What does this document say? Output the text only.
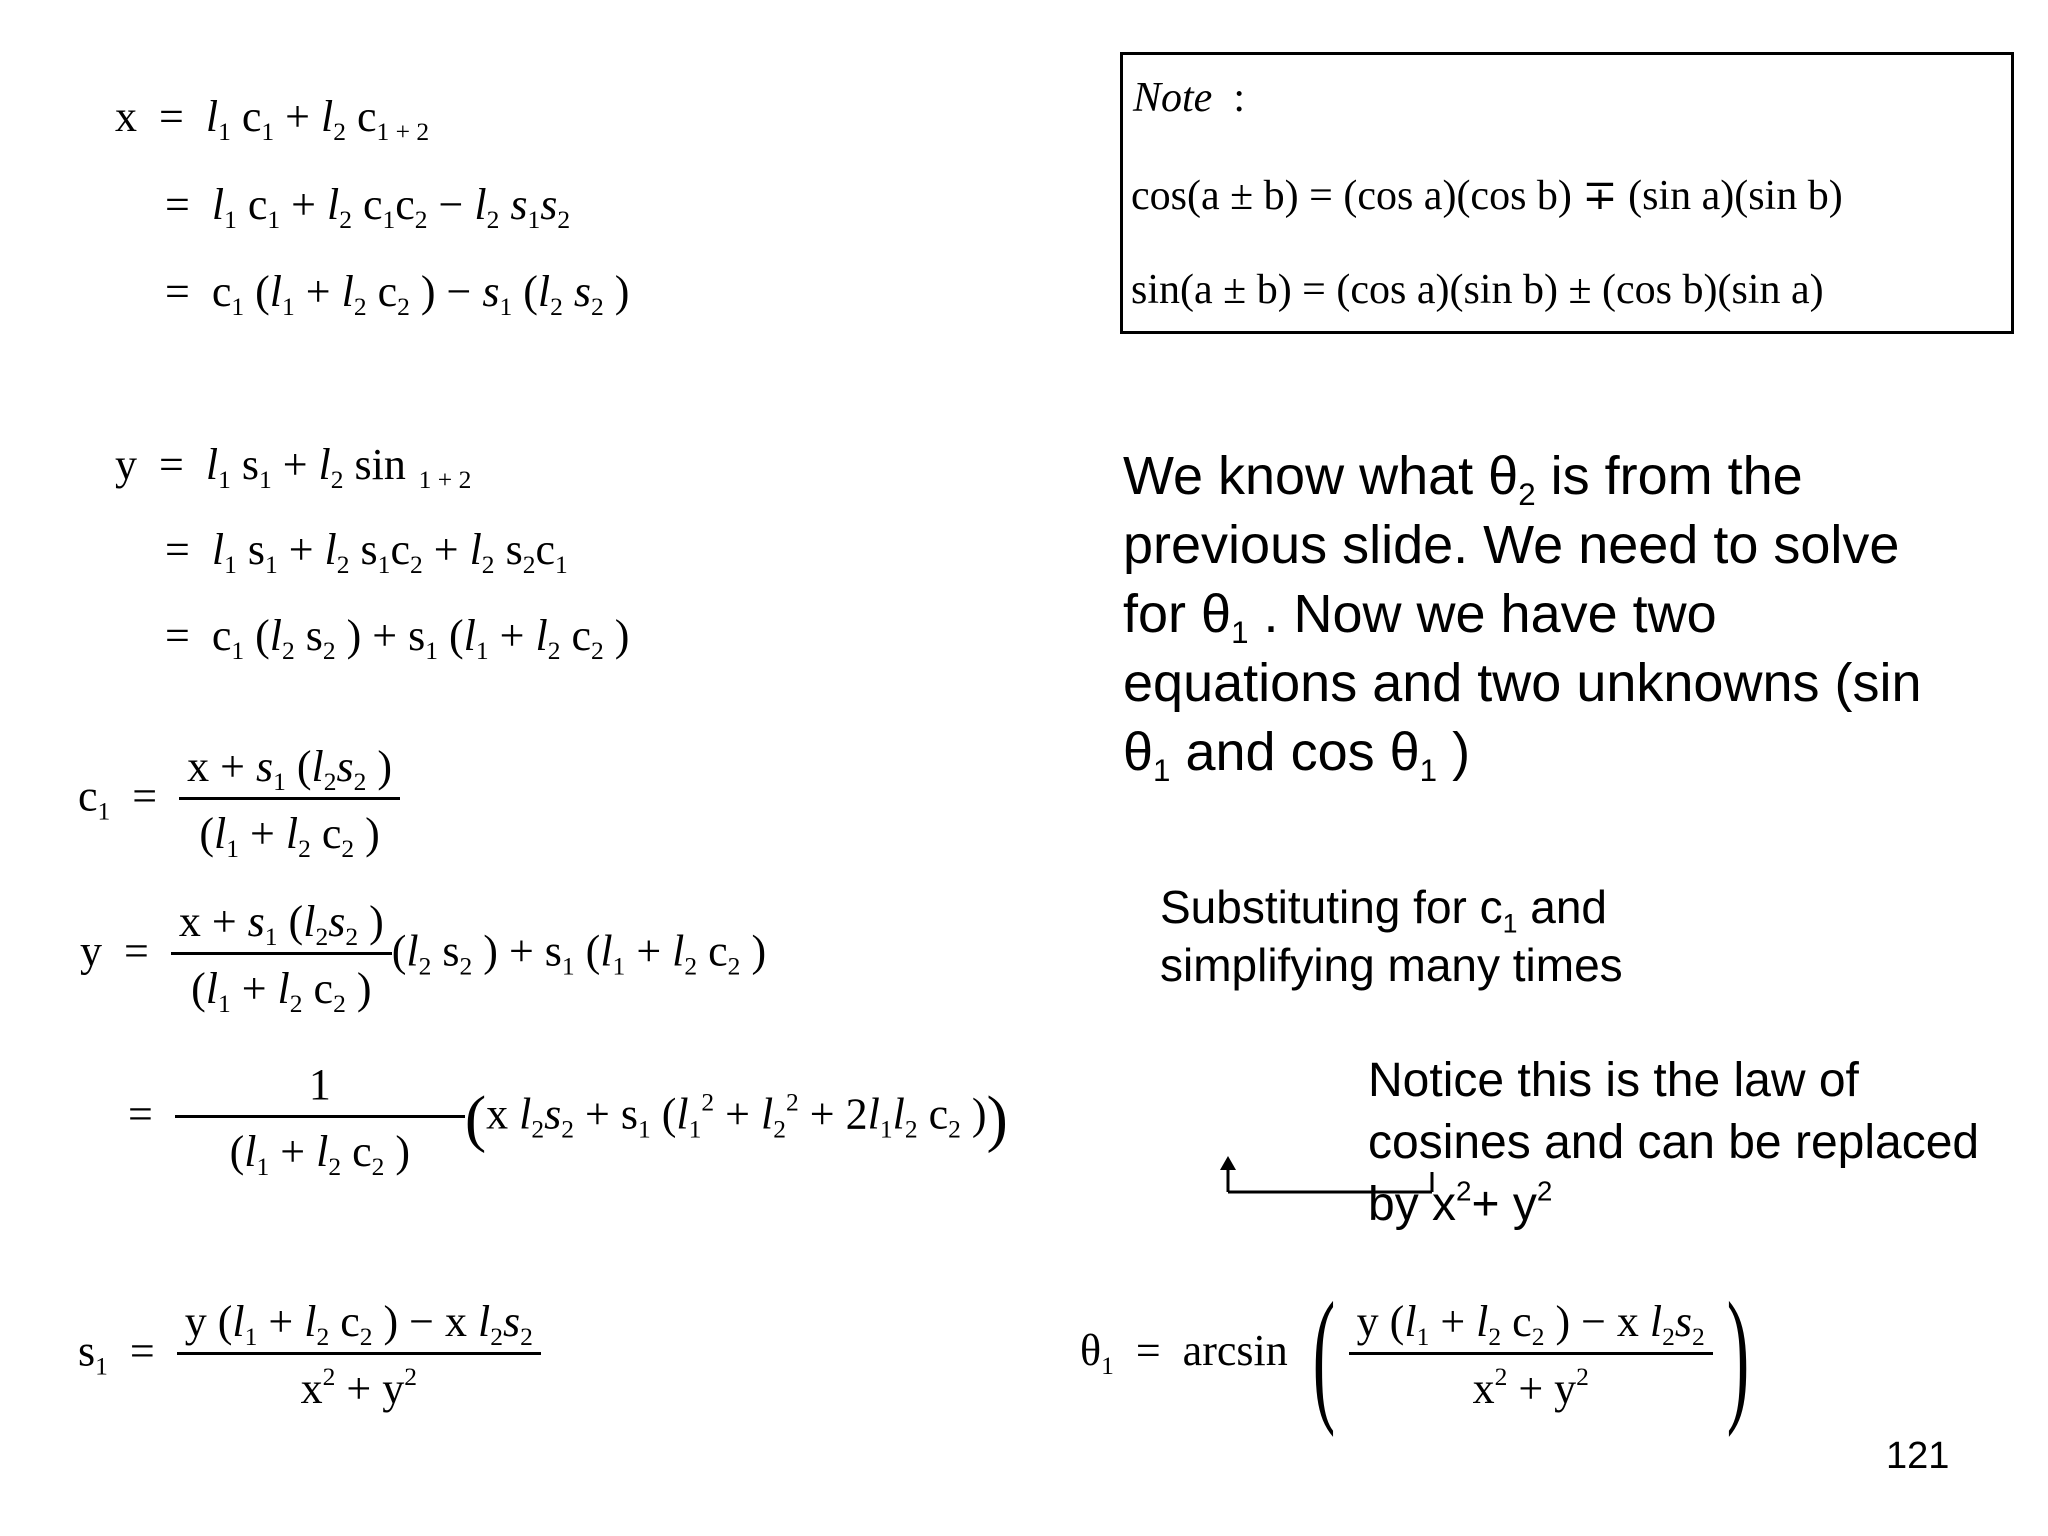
$x = l_1$ $c_1 + l_2$ $c_{1 + 2}$
=  $l_1$ $c_1 + l_2$ $c_1c_2 - l_2$ $s_1s_2$
=  $c_1$ ($l_1 + l_2$ $c_2$ ) − $s_1$ ($l_2$ $s_2$ )
Note :
cos(a ± b) = (cos a)(cos b) ∓ (sin a)(sin b)
sin(a ± b) = (cos a)(sin b) ± (cos b)(sin a)
$y = l_1$ $s_1 + l_2$ sin  $_{1 + 2}$
=  $l_1$ $s_1 + l_2$ $s_1c_2 + l_2$ $s_2c_1$
=  $c_1$ ($l_2$ $s_2$ ) + $s_1$ ($l_1 + l_2$ $c_2$ )
We know what $\theta_2$ is from the
previous slide. We need to solve
for $\theta_1$ . Now we have two
equations and two unknowns (sin
$\theta_1$ and $\cos \theta_1$ )
$c_1 = \frac{x + s_1 (l_2s_2 )}{(l_1 + l_2 c_2 )}$
Substituting for $c_1$ and
simplifying many times
$y = \frac{x + s_1 (l_2s_2 )}{(l_1 + l_2 c_2 )} (l_2$ $s_2$ ) + $s_1$ ($l_1 + l_2$ $c_2$ )
= $\frac{1}{(l_1 + l_2 c_2 )} (x$ $l_2s_2 + s_1$ ($l_1^2 + l_2^2 + 2l_1l_2$ $c_2$ ))
Notice this is the law of
cosines and can be replaced
by $x^2+ y^2$
$s_1 = \frac{y (l_1 + l_2 c_2 ) - x l_2s_2}{x^2 + y^2}$	$\theta_1 = \arcsin$ ( $\frac{y (l_1 + l_2 c_2 ) - x l_2s_2}{x^2 + y^2}$ )
121
